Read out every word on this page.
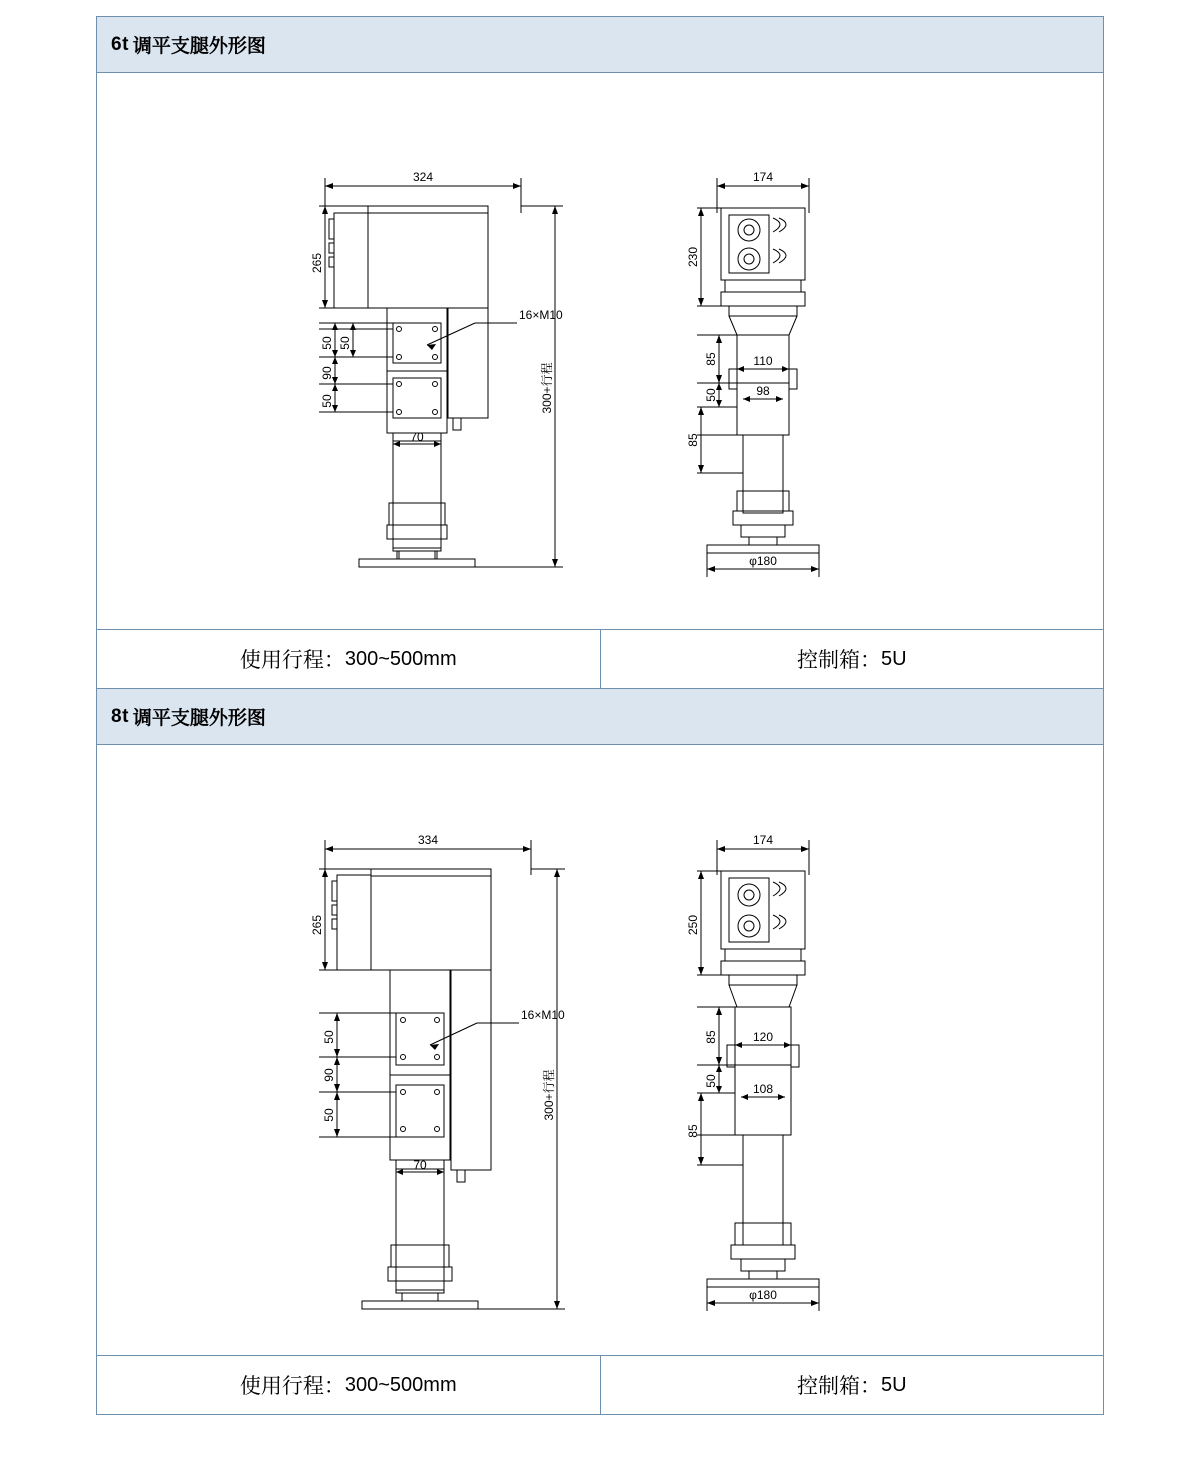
6t 调平支腿外形图
324
265
50 50
90
50
70
16×M10
300+行程
174
230
85
50
85
110
98
φ180
使用行程： 300~500mm	控制箱： 5U
8t 调平支腿外形图
334
265
50
90
50
70
16×M10
300+行程
174
250
85
50
85
120
108
φ180
使用行程： 300~500mm	控制箱： 5U
